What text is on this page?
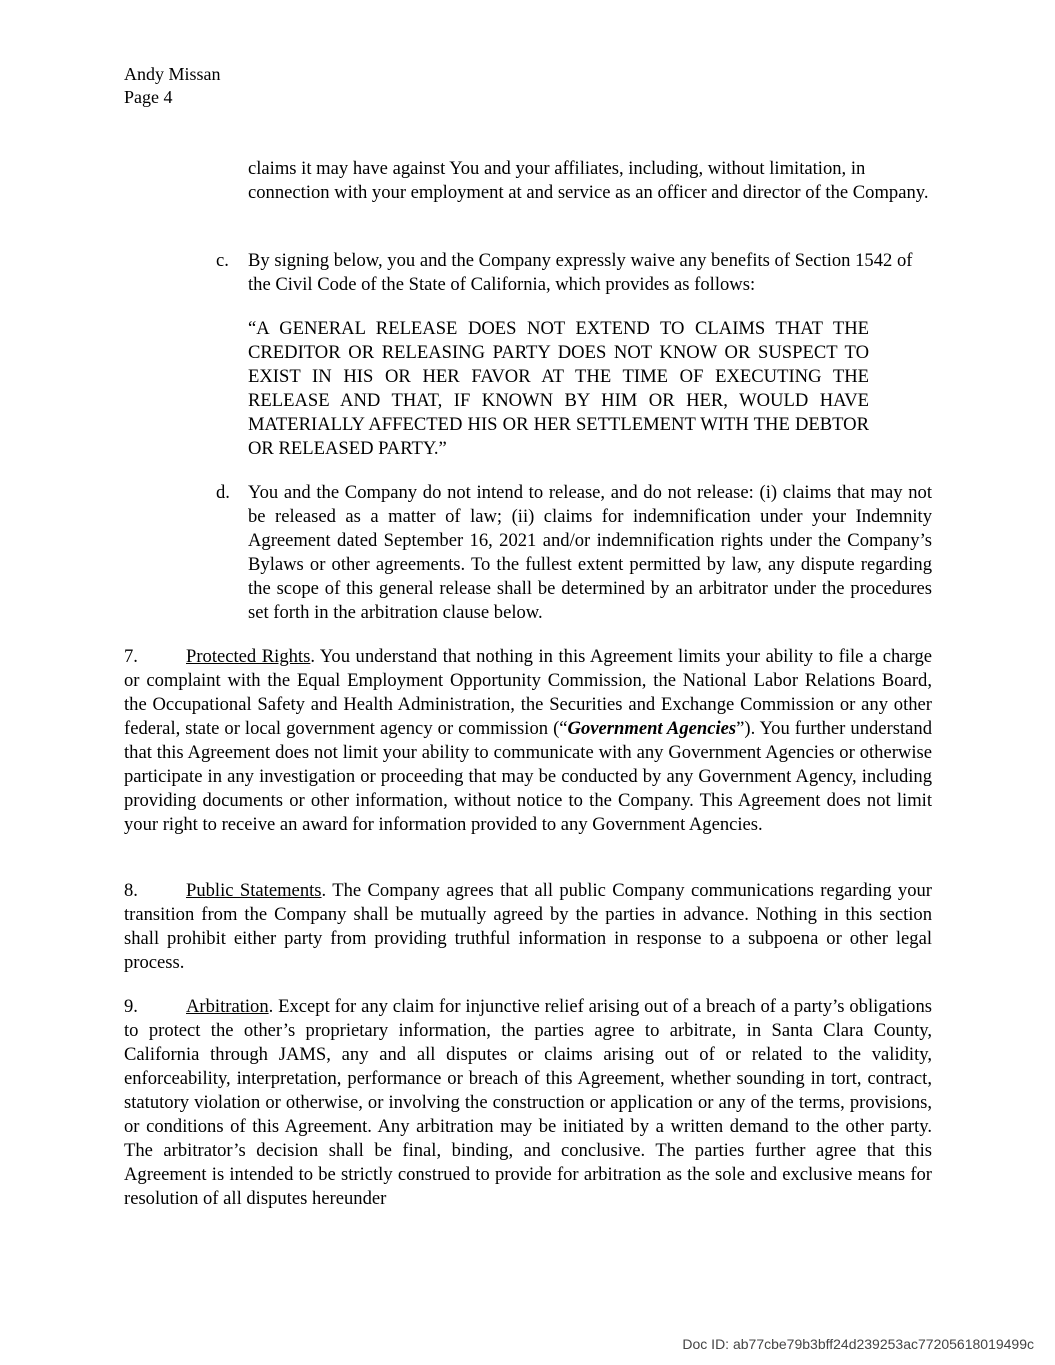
Andy Missan
Page 4

claims it may have against You and your affiliates, including, without limitation, in connection with your employment at and service as an officer and director of the Company.

c.	By signing below, you and the Company expressly waive any benefits of Section 1542 of the Civil Code of the State of California, which provides as follows:

“A GENERAL RELEASE DOES NOT EXTEND TO CLAIMS THAT THE CREDITOR OR RELEASING PARTY DOES NOT KNOW OR SUSPECT TO EXIST IN HIS OR HER FAVOR AT THE TIME OF EXECUTING THE RELEASE AND THAT, IF KNOWN BY HIM OR HER, WOULD HAVE MATERIALLY AFFECTED HIS OR HER SETTLEMENT WITH THE DEBTOR OR RELEASED PARTY.”

d. You and the Company do not intend to release, and do not release: (i) claims that may not be released as a matter of law; (ii) claims for indemnification under your Indemnity Agreement dated September 16, 2021 and/or indemnification rights under the Company’s Bylaws or other agreements. To the fullest extent permitted by law, any dispute regarding the scope of this general release shall be determined by an arbitrator under the procedures set forth in the arbitration clause below.

7.	Protected Rights. You understand that nothing in this Agreement limits your ability to file a charge or complaint with the Equal Employment Opportunity Commission, the National Labor Relations Board, the Occupational Safety and Health Administration, the Securities and Exchange Commission or any other federal, state or local government agency or commission (“Government Agencies”). You further understand that this Agreement does not limit your ability to communicate with any Government Agencies or otherwise participate in any investigation or proceeding that may be conducted by any Government Agency, including providing documents or other information, without notice to the Company. This Agreement does not limit your right to receive an award for information provided to any Government Agencies.

8.	Public Statements. The Company agrees that all public Company communications regarding your transition from the Company shall be mutually agreed by the parties in advance. Nothing in this section shall prohibit either party from providing truthful information in response to a subpoena or other legal process.

9.	Arbitration. Except for any claim for injunctive relief arising out of a breach of a party’s obligations to protect the other’s proprietary information, the parties agree to arbitrate, in Santa Clara County, California through JAMS, any and all disputes or claims arising out of or related to the validity, enforceability, interpretation, performance or breach of this Agreement, whether sounding in tort, contract, statutory violation or otherwise, or involving the construction or application or any of the terms, provisions, or conditions of this Agreement. Any arbitration may be initiated by a written demand to the other party. The arbitrator’s decision shall be final, binding, and conclusive. The parties further agree that this Agreement is intended to be strictly construed to provide for arbitration as the sole and exclusive means for resolution of all disputes hereunder

Doc ID: ab77cbe79b3bff24d239253ac77205618019499c
